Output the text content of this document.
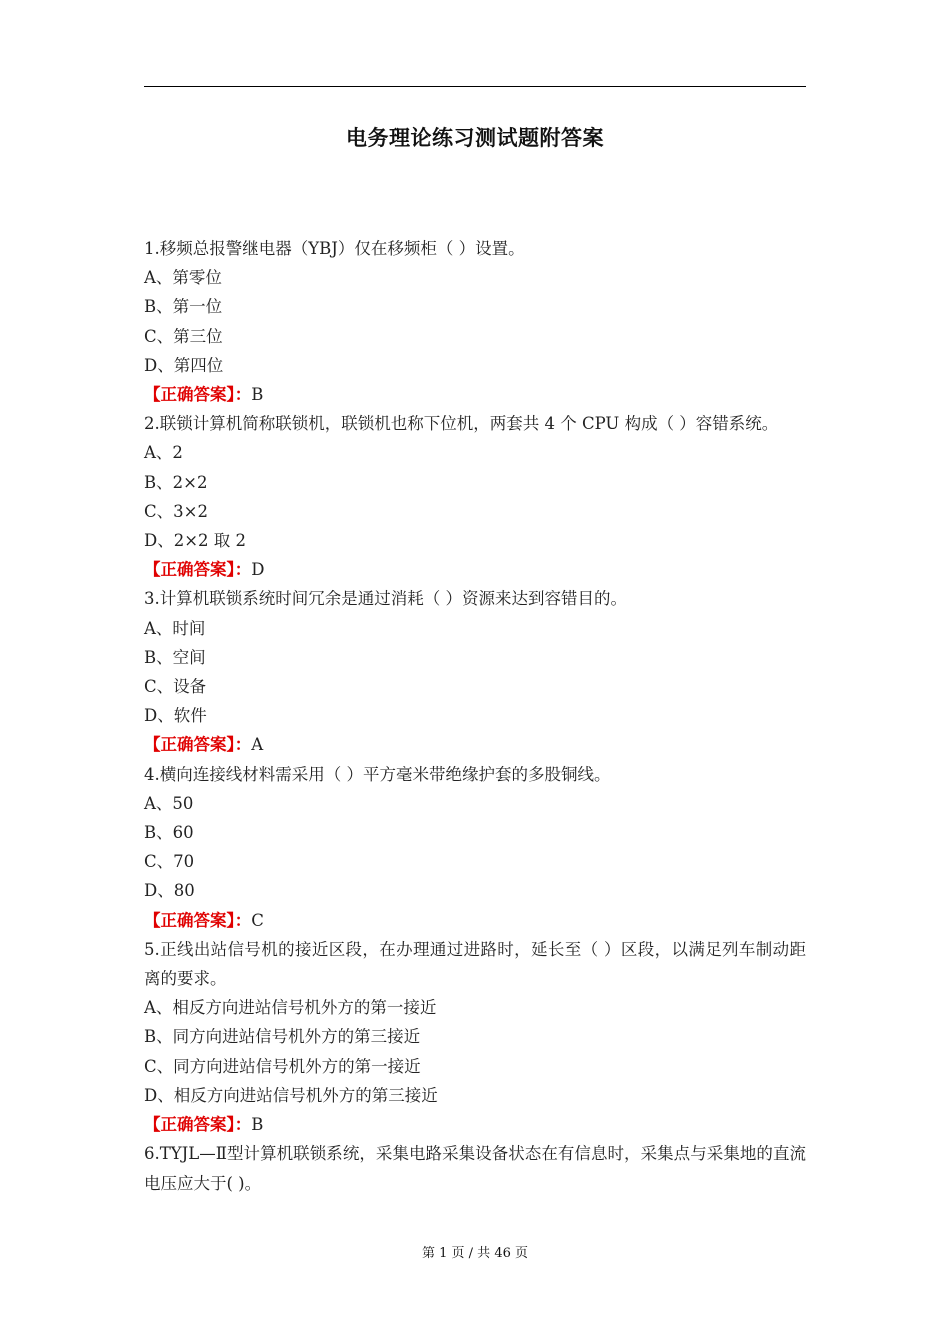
电务理论练习测试题附答案
1.移频总报警继电器（YBJ）仅在移频柜（ ）设置。
A、第零位
B、第一位
C、第三位
D、第四位
【正确答案】：B
2.联锁计算机简称联锁机，联锁机也称下位机，两套共 4 个 CPU 构成（ ）容错系统。
A、2
B、2×2
C、3×2
D、2×2 取 2
【正确答案】：D
3.计算机联锁系统时间冗余是通过消耗（ ）资源来达到容错目的。
A、时间
B、空间
C、设备
D、软件
【正确答案】：A
4.横向连接线材料需采用（ ）平方毫米带绝缘护套的多股铜线。
A、50
B、60
C、70
D、80
【正确答案】：C
5.正线出站信号机的接近区段，在办理通过进路时，延长至（ ）区段，以满足列车制动距离的要求。
A、相反方向进站信号机外方的第一接近
B、同方向进站信号机外方的第三接近
C、同方向进站信号机外方的第一接近
D、相反方向进站信号机外方的第三接近
【正确答案】：B
6.TYJL—Ⅱ型计算机联锁系统，采集电路采集设备状态在有信息时，采集点与采集地的直流电压应大于( )。
第 1 页 / 共 46 页
